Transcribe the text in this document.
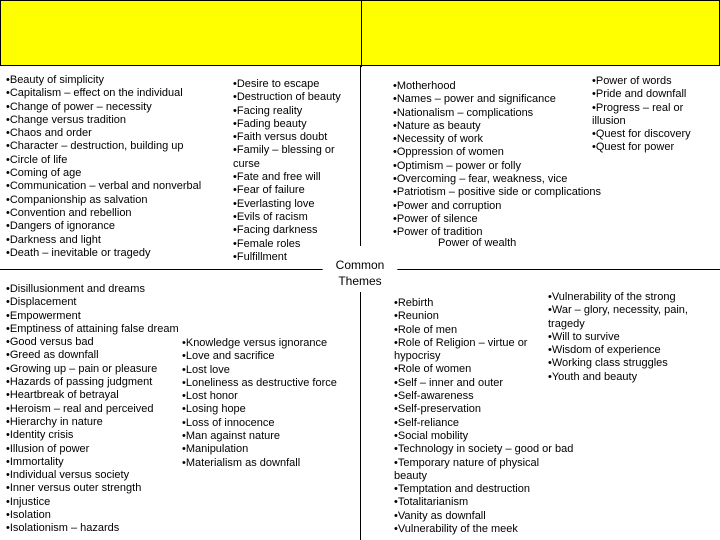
•Beauty of simplicity
•Capitalism – effect on the individual
•Change of power – necessity
•Change versus tradition
•Chaos and order
•Character – destruction, building up
•Circle of life
•Coming of age
•Communication – verbal and nonverbal
•Companionship as salvation
•Convention and rebellion
•Dangers of ignorance
•Darkness and light
•Death – inevitable or tragedy
•Desire to escape
•Destruction of beauty
•Facing reality
•Fading beauty
•Faith versus doubt
•Family – blessing or
curse
•Fate and free will
•Fear of failure
•Everlasting love
•Evils of racism
•Facing darkness
•Female roles
•Fulfillment
•Motherhood
•Names – power and significance
•Nationalism – complications
•Nature as beauty
•Necessity of work
•Oppression of women
•Optimism – power or folly
•Overcoming – fear, weakness, vice
•Patriotism – positive side or complications
•Power and corruption
•Power of silence
•Power of tradition
Power of wealth
•Power of words
•Pride and downfall
•Progress – real or
illusion
•Quest for discovery
•Quest for power
•Disillusionment and dreams
•Displacement
•Empowerment
•Emptiness of attaining false dream
•Good versus bad
•Greed as downfall
•Growing up – pain or pleasure
•Hazards of passing judgment
•Heartbreak of betrayal
•Heroism – real and perceived
•Hierarchy in nature
•Identity crisis
•Illusion of power
•Immortality
•Individual versus society
•Inner versus outer strength
•Injustice
•Isolation
•Isolationism – hazards
•Knowledge versus ignorance
•Love and sacrifice
•Lost love
•Loneliness as destructive force
•Lost honor
•Losing hope
•Loss of innocence
•Man against nature
•Manipulation
•Materialism as downfall
•Rebirth
•Reunion
•Role of men
•Role of Religion – virtue or
hypocrisy
•Role of women
•Self – inner and outer
•Self-awareness
•Self-preservation
•Self-reliance
•Social mobility
•Technology in society – good or bad
•Temporary nature of physical
beauty
•Temptation and destruction
•Totalitarianism
•Vanity as downfall
•Vulnerability of the meek
•Vulnerability of the strong
•War – glory, necessity, pain,
tragedy
•Will to survive
•Wisdom of experience
•Working class struggles
•Youth and beauty
Common
Themes
